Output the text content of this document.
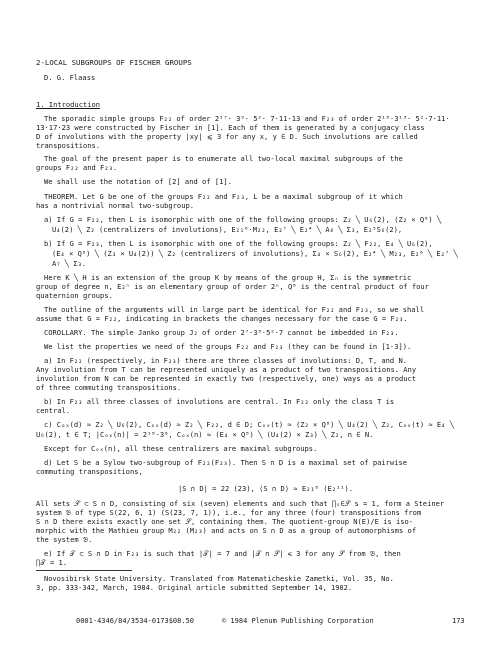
2-LOCAL SUBGROUPS OF FISCHER GROUPS
D. G. Flaass
1. Introduction
The sporadic simple groups F₂₂ of order 2¹⁷· 3⁹· 5²· 7·11·13 and F₂₃ of order 2¹⁸·3¹³· 5²·7·11·
13·17·23 were constructed by Fischer in [1]. Each of them is generated by a conjugacy class
D of involutions with the property |xy| ⩽ 3 for any x, y ∈ D. Such involutions are called
transpositions.
The goal of the present paper is to enumerate all two-local maximal subgroups of the
groups F₂₂ and F₂₃.
We shall use the notation of [2] and of [1].
THEOREM. Let G be one of the groups F₂₂ and F₂₃, L be a maximal subgroup of it which
has a nontrivial normal two-subgroup.
a) If G = F₂₂, then L is isomorphic with one of the following groups: Z₂ ╲ U₆(2), (Z₂ × Q⁸) ╲
U₄(2) ╲ Z₂ (centralizers of involutions), E₂₁⁰·M₂₂, E₂⁷ ╲ E₂⁴ ╲ A₈ ╲ Σ₃, E₂⁵S₆(2),
b) If G = F₂₃, then L is isomorphic with one of the following groups: Z₂ ╲ F₂₂, E₄ ╲ U₆(2),
(E₄ × Q⁸) ╲ (Z₃ × U₄(2)) ╲ Z₂ (centralizers of involutions), Σ₄ × S₆(2), E₂⁴ ╲ M₂₃, E₂⁶ ╲ E₂⁷ ╲
A₇ ╲ Σ₃.
Here K ╲ H is an extension of the group K by means of the group H, Σₙ is the symmetric
group of degree n, E₂ⁿ is an elementary group of order 2ⁿ, Q⁸ is the central product of four
quaternion groups.
The outline of the arguments will in large part be identical for F₂₂ and F₂₃, so we shall
assume that G = F₂₂, indicating in brackets the changes necessary for the case G = F₂₃.
COROLLARY. The simple Janko group J₂ of order 2⁷·3³·5²·7 cannot be imbedded in F₂₃.
We list the properties we need of the groups F₂₂ and F₂₃ (they can be found in [1-3]).
a) In F₂₂ (respectively, in F₂₃) there are three classes of involutions: D, T, and N.
Any involution from T can be represented uniquely as a product of two transpositions. Any
involution from N can be represented in exactly two (respectively, one) ways as a product
of three commuting transpositions.
b) In F₂₃ all three classes of involutions are central. In F₂₂ only the class T is
central.
c) Cₒₓ(d) ≃ Z₂ ╲ U₆(2), Cₒₓ(d) ≃ Z₂ ╲ F₂₂, d ∈ D; Cₒₓ(t) ≃ (Z₂ × Q⁸) ╲ U₄(2) ╲ Z₂, Cₒₓ(t) ≃ E₄ ╲
U₆(2), t ∈ T; |Cₒₓ(n)| = 2¹⁸·3⁶, Cₒₓ(n) ≃ (E₄ × Q⁸) ╲ (U₄(2) × Z₃) ╲ Z₂, n ∈ N.
Except for Cₒₓ(n), all these centralizers are maximal subgroups.
d) Let S be a Sylow two-subgroup of F₂₂(F₂₃). Then S ∩ D is a maximal set of pairwise
commuting transpositions,
|S ∩ D| = 22 (23), ⟨S ∩ D⟩ ≃ E₂₁⁰ (E₂¹¹).
All sets 𝒮 ⊂ S ∩ D, consisting of six (seven) elements and such that ∏ₛ∈𝒮 s = 1, form a Steiner
system 𝔅 of type S(22, 6, 1) (S(23, 7, 1)), i.e., for any three (four) transpositions from
S ∩ D there exists exactly one set 𝒮, containing them. The quotient-group N(E)/E is iso-
morphic with the Mathieu group M₂₂ (M₂₃) and acts on S ∩ D as a group of automorphisms of
the system 𝔅.
e) If 𝒯 ⊂ S ∩ D in F₂₃ is such that |𝒯| = 7 and |𝒯 ∩ 𝒮| ⩽ 3 for any 𝒮 from 𝔅, then
∏𝒯 = 1.
Novosibirsk State University. Translated from Matematicheskie Zametki, Vol. 35, No.
3, pp. 333-342, March, 1984. Original article submitted September 14, 1982.
0001-4346/84/3534-0173$08.50	© 1984 Plenum Publishing Corporation	173
